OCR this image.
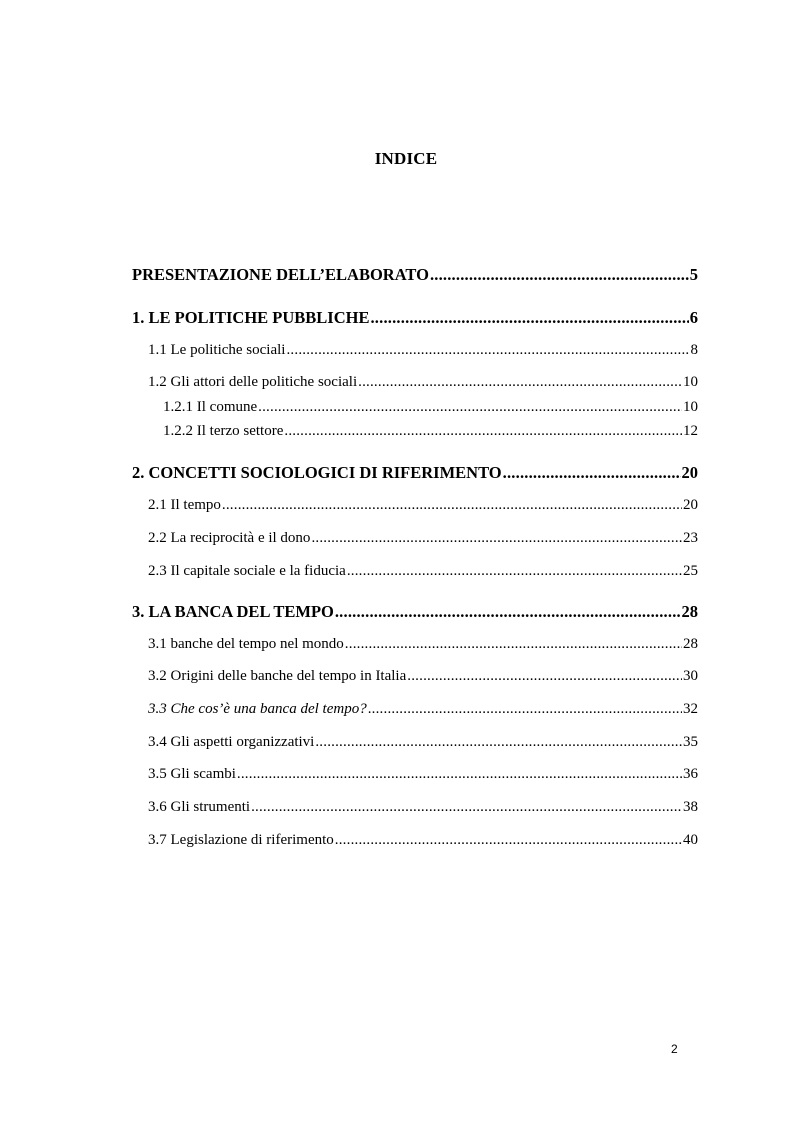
INDICE
PRESENTAZIONE DELL’ELABORATO .....	5
1. LE POLITICHE PUBBLICHE .....	6
1.1 Le politiche sociali .....	8
1.2 Gli attori delle politiche sociali .....	10
1.2.1 Il comune .....	10
1.2.2 Il terzo settore .....	12
2. CONCETTI SOCIOLOGICI DI RIFERIMENTO .....	20
2.1 Il tempo .....	20
2.2 La reciprocità e il dono .....	23
2.3 Il capitale sociale e la fiducia .....	25
3. LA BANCA DEL TEMPO .....	28
3.1 banche del tempo nel mondo .....	28
3.2 Origini delle banche del tempo in Italia .....	30
3.3 Che cos’è una banca del tempo? .....	32
3.4 Gli aspetti organizzativi .....	35
3.5 Gli scambi .....	36
3.6 Gli strumenti .....	38
3.7 Legislazione di riferimento .....	40
2
